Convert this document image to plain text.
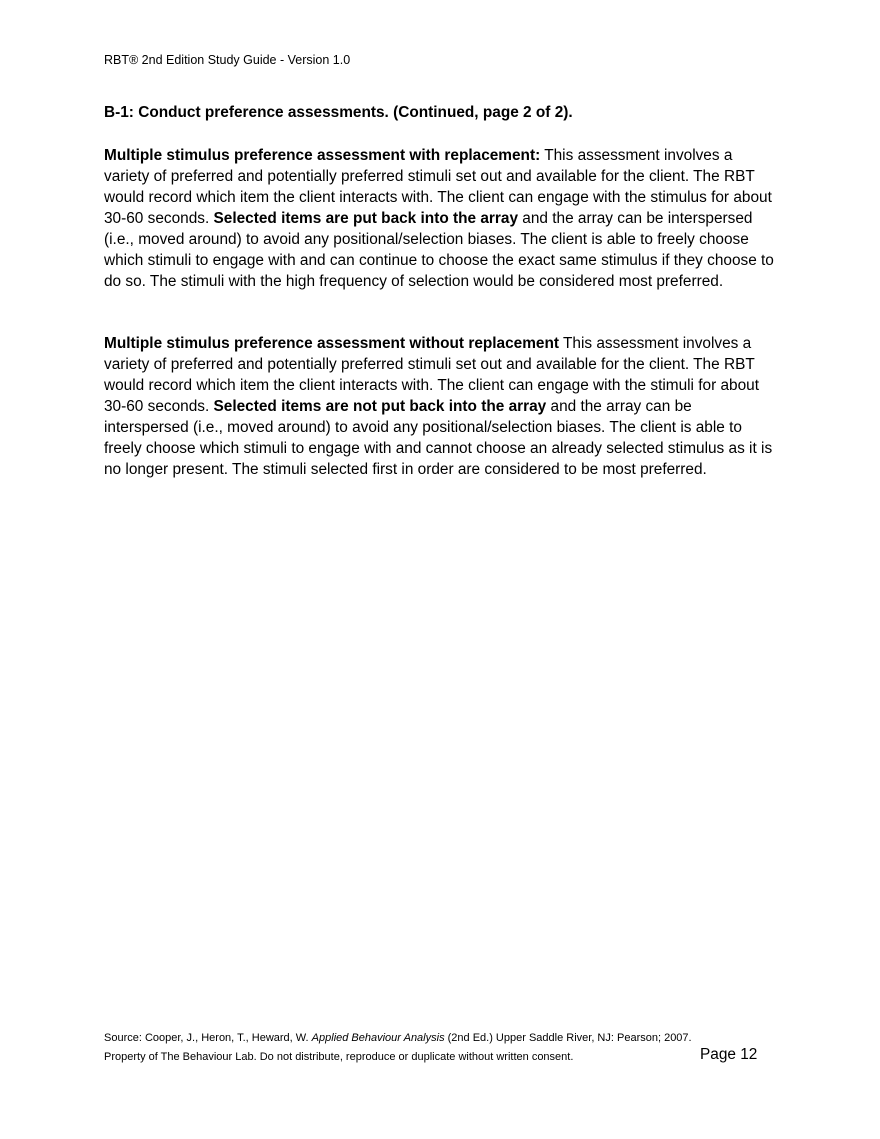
RBT® 2nd Edition Study Guide - Version 1.0
B-1: Conduct preference assessments. (Continued, page 2 of 2).

Multiple stimulus preference assessment with replacement: This assessment involves a variety of preferred and potentially preferred stimuli set out and available for the client. The RBT would record which item the client interacts with. The client can engage with the stimulus for about 30-60 seconds. Selected items are put back into the array and the array can be interspersed (i.e., moved around) to avoid any positional/selection biases. The client is able to freely choose which stimuli to engage with and can continue to choose the exact same stimulus if they choose to do so. The stimuli with the high frequency of selection would be considered most preferred.

Multiple stimulus preference assessment without replacement This assessment involves a variety of preferred and potentially preferred stimuli set out and available for the client. The RBT would record which item the client interacts with. The client can engage with the stimuli for about 30-60 seconds. Selected items are not put back into the array and the array can be interspersed (i.e., moved around) to avoid any positional/selection biases. The client is able to freely choose which stimuli to engage with and cannot choose an already selected stimulus as it is no longer present. The stimuli selected first in order are considered to be most preferred.

Source: Cooper, J., Heron, T., Heward, W. Applied Behaviour Analysis (2nd Ed.) Upper Saddle River, NJ: Pearson; 2007.
Property of The Behaviour Lab. Do not distribute, reproduce or duplicate without written consent.	Page 12
